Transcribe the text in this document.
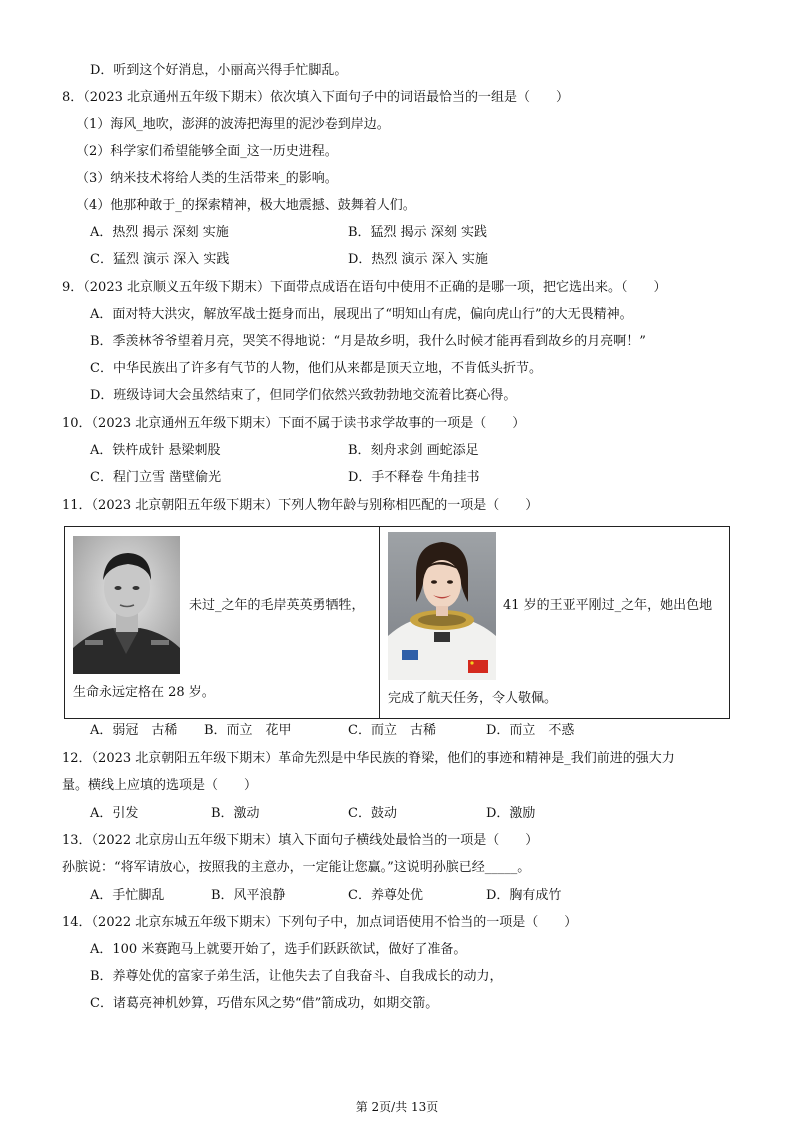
D．听到这个好消息，小丽高兴得手忙脚乱。
8．（2023 北京通州五年级下期末）依次填入下面句子中的词语最恰当的一组是（　　）
（1）海风_地吹，澎湃的波涛把海里的泥沙卷到岸边。
（2）科学家们希望能够全面_这一历史进程。
（3）纳米技术将给人类的生活带来_的影响。
（4）他那种敢于_的探索精神，极大地震撼、鼓舞着人们。
A．热烈 揭示 深刻 实施	B．猛烈 揭示 深刻 实践
C．猛烈 演示 深入 实践	D．热烈 演示 深入 实施
9．（2023 北京顺义五年级下期末）下面带点成语在语句中使用不正确的是哪一项，把它选出来。（　　）
A．面对特大洪灾，解放军战士挺身而出，展现出了“明知山有虎，偏向虎山行”的大无畏精神。
B．季羡林爷爷望着月亮，哭笑不得地说：“月是故乡明，我什么时候才能再看到故乡的月亮啊！”
C．中华民族出了许多有气节的人物，他们从来都是顶天立地，不肯低头折节。
D．班级诗词大会虽然结束了，但同学们依然兴致勃勃地交流着比赛心得。
10．（2023 北京通州五年级下期末）下面不属于读书求学故事的一项是（　　）
A．铁杵成针 悬梁刺股	B．刻舟求剑 画蛇添足
C．程门立雪 凿壁偷光	D．手不释卷 牛角挂书
11．（2023 北京朝阳五年级下期末）下列人物年龄与别称相匹配的一项是（　　）
未过_之年的毛岸英英勇牺牲，
生命永远定格在 28 岁。
41 岁的王亚平刚过_之年，她出色地
完成了航天任务，令人敬佩。
A．弱冠　古稀 B．而立　花甲	C．而立　古稀	D．而立　不惑
12．（2023 北京朝阳五年级下期末）革命先烈是中华民族的脊梁，他们的事迹和精神是_我们前进的强大力
量。横线上应填的选项是（　　）
A．引发	B．激动	C．鼓动	D．激励
13．（2022 北京房山五年级下期末）填入下面句子横线处最恰当的一项是（　　）
孙膑说：“将军请放心，按照我的主意办，一定能让您赢。”这说明孙膑已经_____。
A．手忙脚乱	B．风平浪静	C．养尊处优	D．胸有成竹
14．（2022 北京东城五年级下期末）下列句子中，加点词语使用不恰当的一项是（　　）
A．100 米赛跑马上就要开始了，选手们跃跃欲试，做好了准备。
B．养尊处优的富家子弟生活，让他失去了自我奋斗、自我成长的动力，
C．诸葛亮神机妙算，巧借东风之势“借”箭成功，如期交箭。
第 2页/共 13页
